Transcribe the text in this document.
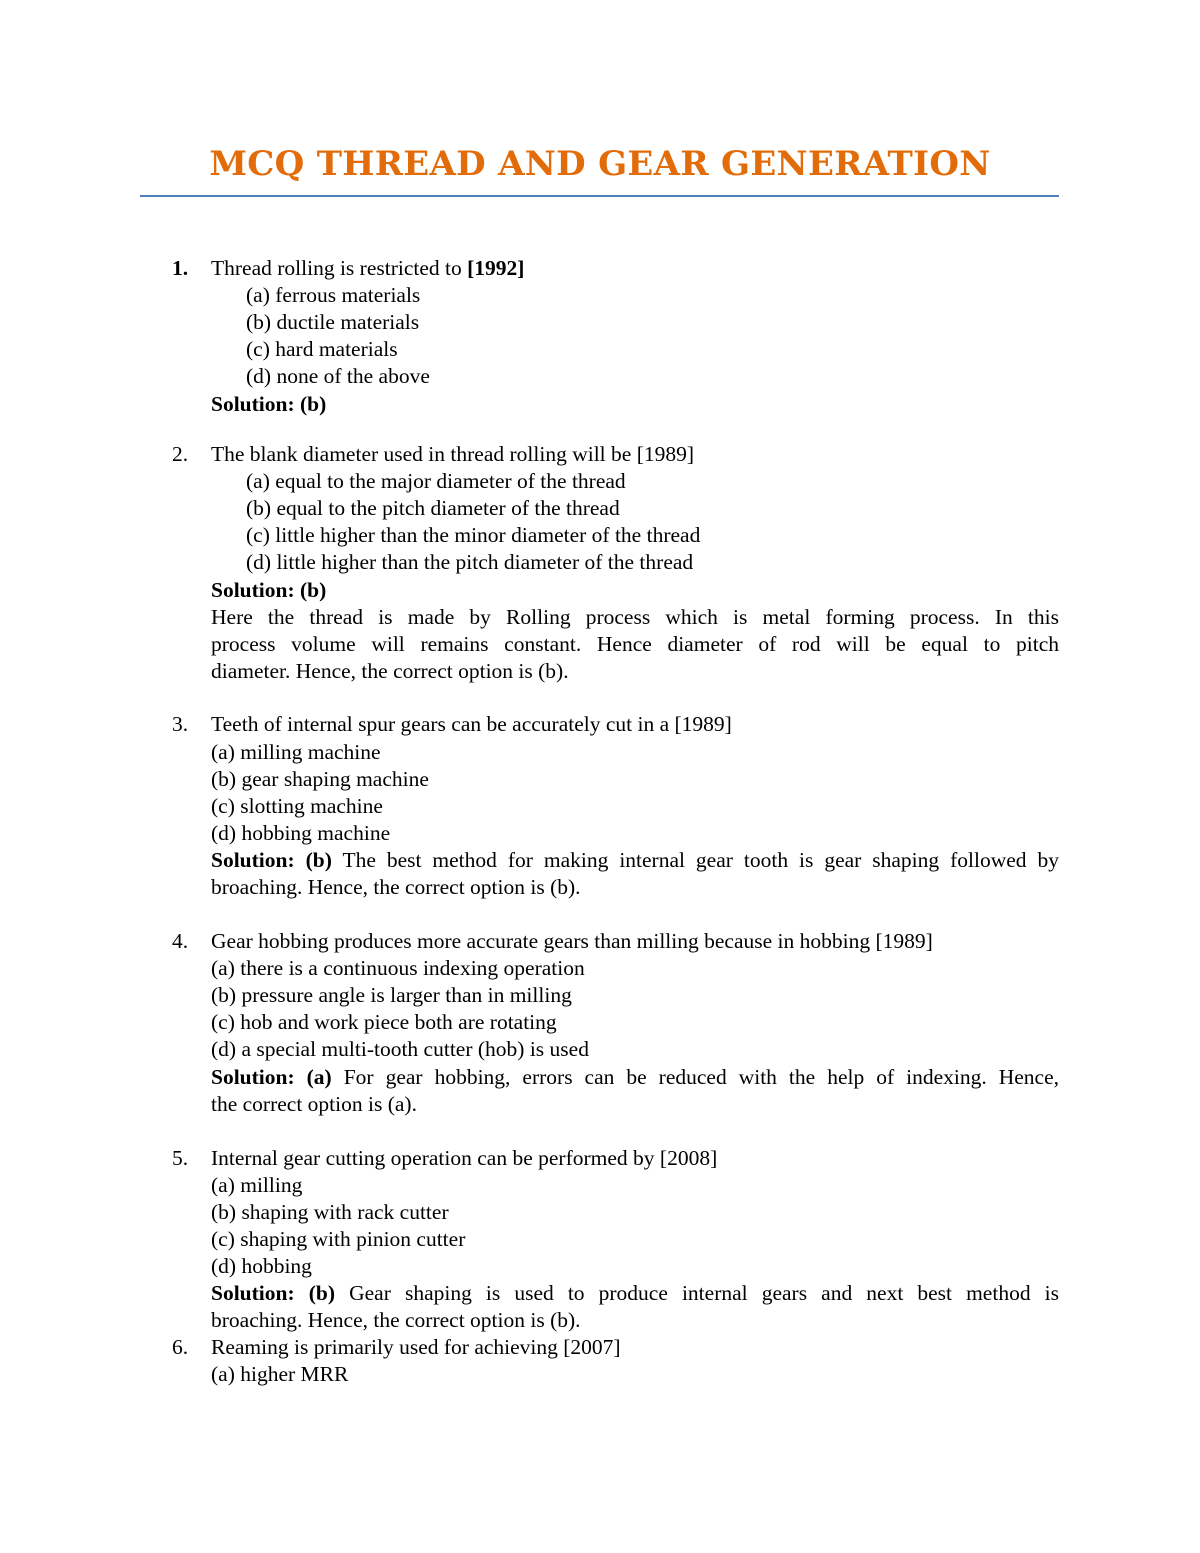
MCQ THREAD AND GEAR GENERATION
1. Thread rolling is restricted to [1992]
(a) ferrous materials
(b) ductile materials
(c) hard materials
(d) none of the above
Solution: (b)
2. The blank diameter used in thread rolling will be [1989]
(a) equal to the major diameter of the thread
(b) equal to the pitch diameter of the thread
(c) little higher than the minor diameter of the thread
(d) little higher than the pitch diameter of the thread
Solution: (b)
Here the thread is made by Rolling process which is metal forming process. In this
process volume will remains constant. Hence diameter of rod will be equal to pitch
diameter. Hence, the correct option is (b).
3. Teeth of internal spur gears can be accurately cut in a [1989]
(a) milling machine
(b) gear shaping machine
(c) slotting machine
(d) hobbing machine
Solution: (b) The best method for making internal gear tooth is gear shaping followed by
broaching. Hence, the correct option is (b).
4. Gear hobbing produces more accurate gears than milling because in hobbing [1989]
(a) there is a continuous indexing operation
(b) pressure angle is larger than in milling
(c) hob and work piece both are rotating
(d) a special multi-tooth cutter (hob) is used
Solution: (a) For gear hobbing, errors can be reduced with the help of indexing. Hence,
the correct option is (a).
5. Internal gear cutting operation can be performed by [2008]
(a) milling
(b) shaping with rack cutter
(c) shaping with pinion cutter
(d) hobbing
Solution: (b) Gear shaping is used to produce internal gears and next best method is
broaching. Hence, the correct option is (b).
6. Reaming is primarily used for achieving [2007]
(a) higher MRR
